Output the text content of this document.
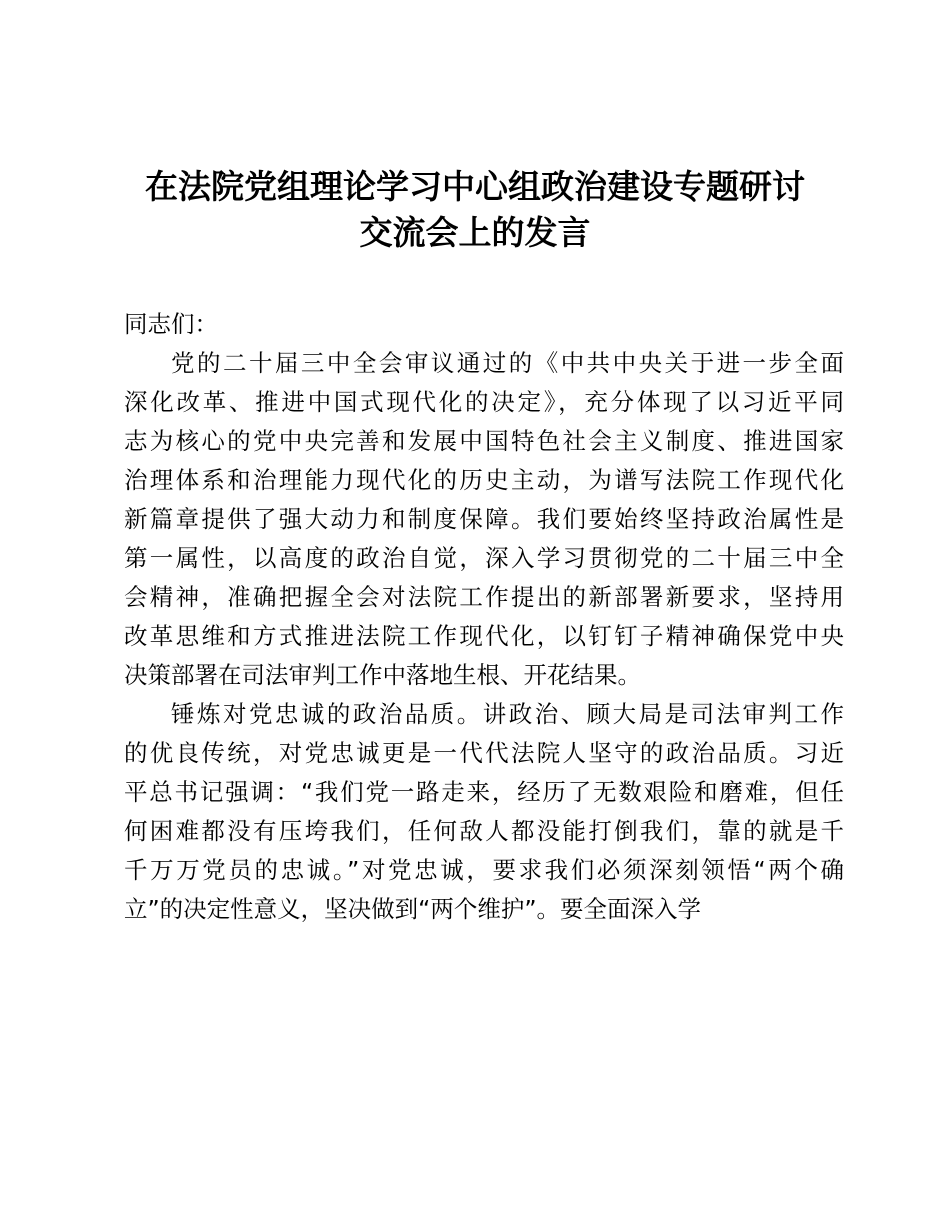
在法院党组理论学习中心组政治建设专题研讨
交流会上的发言

同志们：

党的二十届三中全会审议通过的《中共中央关于进一步全面
深化改革、推进中国式现代化的决定》，充分体现了以习近平同
志为核心的党中央完善和发展中国特色社会主义制度、推进国家
治理体系和治理能力现代化的历史主动，为谱写法院工作现代化
新篇章提供了强大动力和制度保障。我们要始终坚持政治属性是
第一属性，以高度的政治自觉，深入学习贯彻党的二十届三中全
会精神，准确把握全会对法院工作提出的新部署新要求，坚持用
改革思维和方式推进法院工作现代化，以钉钉子精神确保党中央
决策部署在司法审判工作中落地生根、开花结果。
锤炼对党忠诚的政治品质。讲政治、顾大局是司法审判工作
的优良传统，对党忠诚更是一代代法院人坚守的政治品质。习近
平总书记强调：“我们党一路走来，经历了无数艰险和磨难，但任
何困难都没有压垮我们，任何敌人都没能打倒我们，靠的就是千
千万万党员的忠诚。”对党忠诚，要求我们必须深刻领悟“两个确
立”的决定性意义，坚决做到“两个维护”。要全面深入学
